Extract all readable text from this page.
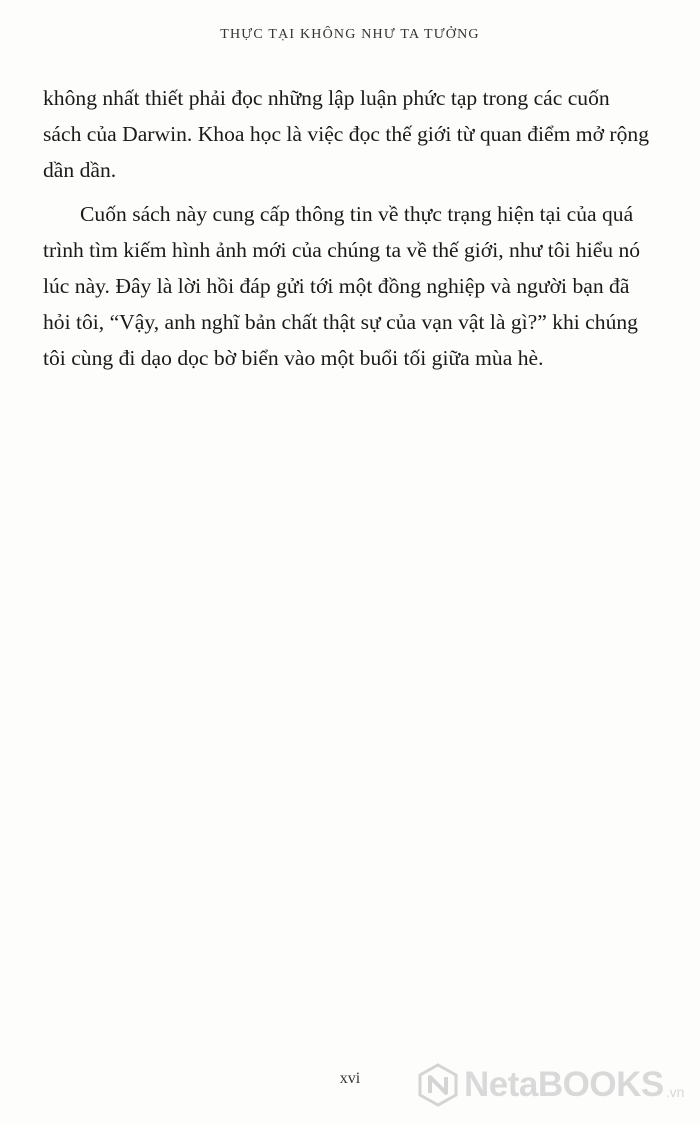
THỰC TẠI KHÔNG NHƯ TA TƯỞNG

không nhất thiết phải đọc những lập luận phức tạp trong các cuốn sách của Darwin. Khoa học là việc đọc thế giới từ quan điểm mở rộng dần dần.

Cuốn sách này cung cấp thông tin về thực trạng hiện tại của quá trình tìm kiếm hình ảnh mới của chúng ta về thế giới, như tôi hiểu nó lúc này. Đây là lời hồi đáp gửi tới một đồng nghiệp và người bạn đã hỏi tôi, “Vậy, anh nghĩ bản chất thật sự của vạn vật là gì?” khi chúng tôi cùng đi dạo dọc bờ biển vào một buổi tối giữa mùa hè.

xvi	NetaBOOKS .vn
